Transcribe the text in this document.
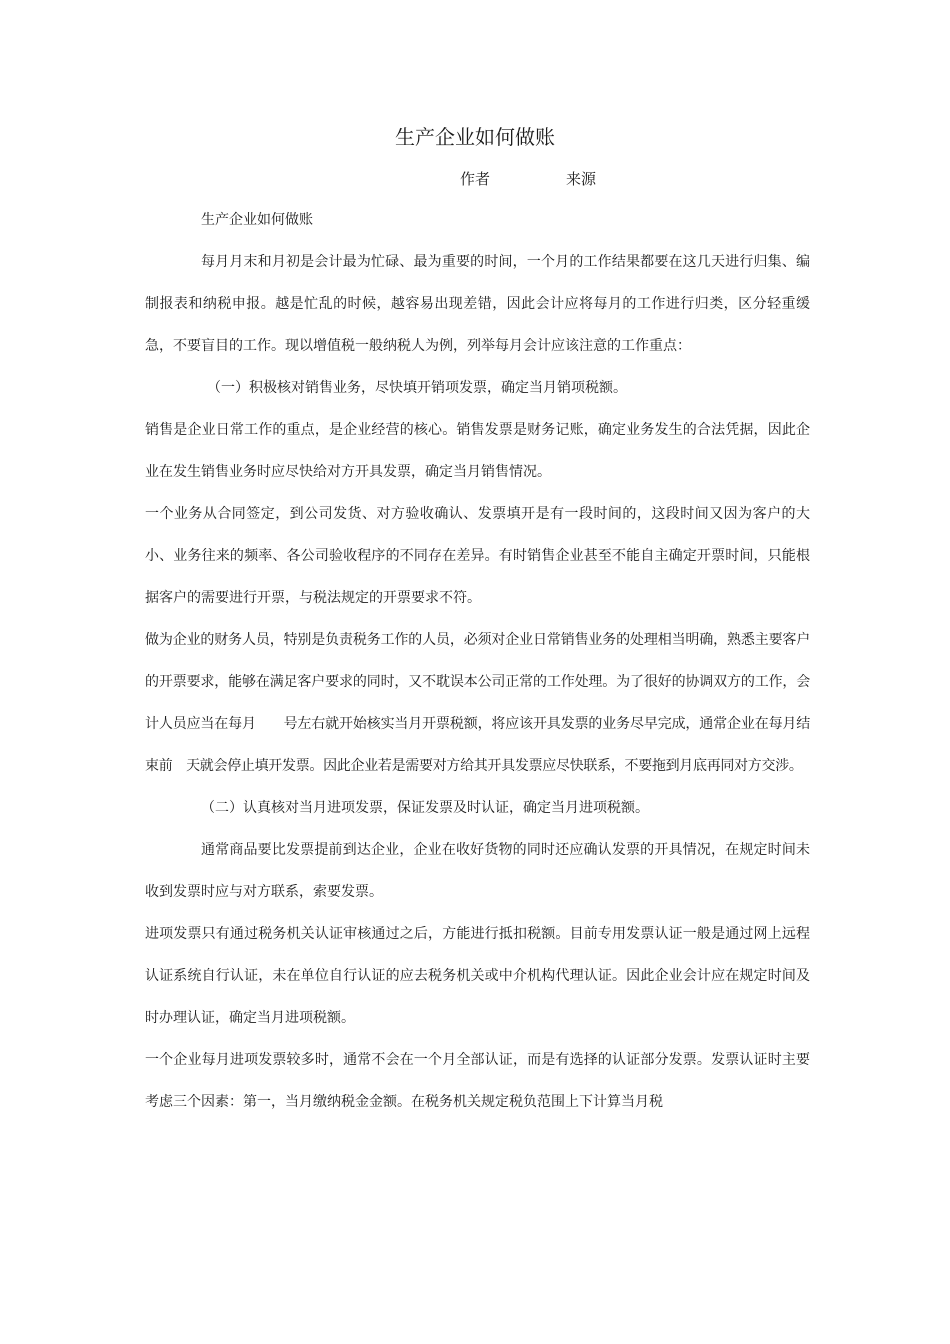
生产企业如何做账
作者	来源

生产企业如何做账

每月月末和月初是会计最为忙碌、最为重要的时间，一个月的工作结果都要在这几天进行归集、编制报表和纳税申报。越是忙乱的时候，越容易出现差错，因此会计应将每月的工作进行归类，区分轻重缓急，不要盲目的工作。现以增值税一般纳税人为例，列举每月会计应该注意的工作重点：

（一）积极核对销售业务，尽快填开销项发票，确定当月销项税额。

销售是企业日常工作的重点，是企业经营的核心。销售发票是财务记账，确定业务发生的合法凭据，因此企业在发生销售业务时应尽快给对方开具发票，确定当月销售情况。

一个业务从合同签定，到公司发货、对方验收确认、发票填开是有一段时间的，这段时间又因为客户的大小、业务往来的频率、各公司验收程序的不同存在差异。有时销售企业甚至不能自主确定开票时间，只能根据客户的需要进行开票，与税法规定的开票要求不符。

做为企业的财务人员，特别是负责税务工作的人员，必须对企业日常销售业务的处理相当明确，熟悉主要客户的开票要求，能够在满足客户要求的同时，又不耽误本公司正常的工作处理。为了很好的协调双方的工作，会计人员应当在每月　　号左右就开始核实当月开票税额，将应该开具发票的业务尽早完成，通常企业在每月结束前　天就会停止填开发票。因此企业若是需要对方给其开具发票应尽快联系，不要拖到月底再同对方交涉。

（二）认真核对当月进项发票，保证发票及时认证，确定当月进项税额。

通常商品要比发票提前到达企业，企业在收好货物的同时还应确认发票的开具情况，在规定时间未收到发票时应与对方联系，索要发票。

进项发票只有通过税务机关认证审核通过之后，方能进行抵扣税额。目前专用发票认证一般是通过网上远程认证系统自行认证，未在单位自行认证的应去税务机关或中介机构代理认证。因此企业会计应在规定时间及时办理认证，确定当月进项税额。

一个企业每月进项发票较多时，通常不会在一个月全部认证，而是有选择的认证部分发票。发票认证时主要考虑三个因素：第一，当月缴纳税金金额。在税务机关规定税负范围上下计算当月税
